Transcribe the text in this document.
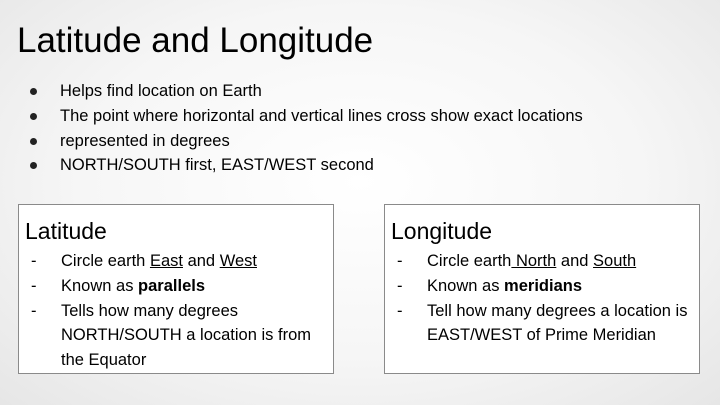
Latitude and Longitude
Helps find location on Earth
The point where horizontal and vertical lines cross show exact locations
represented in degrees
NORTH/SOUTH first, EAST/WEST second
Latitude
- Circle earth East and West
- Known as parallels
- Tells how many degrees NORTH/SOUTH a location is from the Equator
Longitude
- Circle earth North and South
- Known as meridians
- Tell how many degrees a location is EAST/WEST of Prime Meridian
